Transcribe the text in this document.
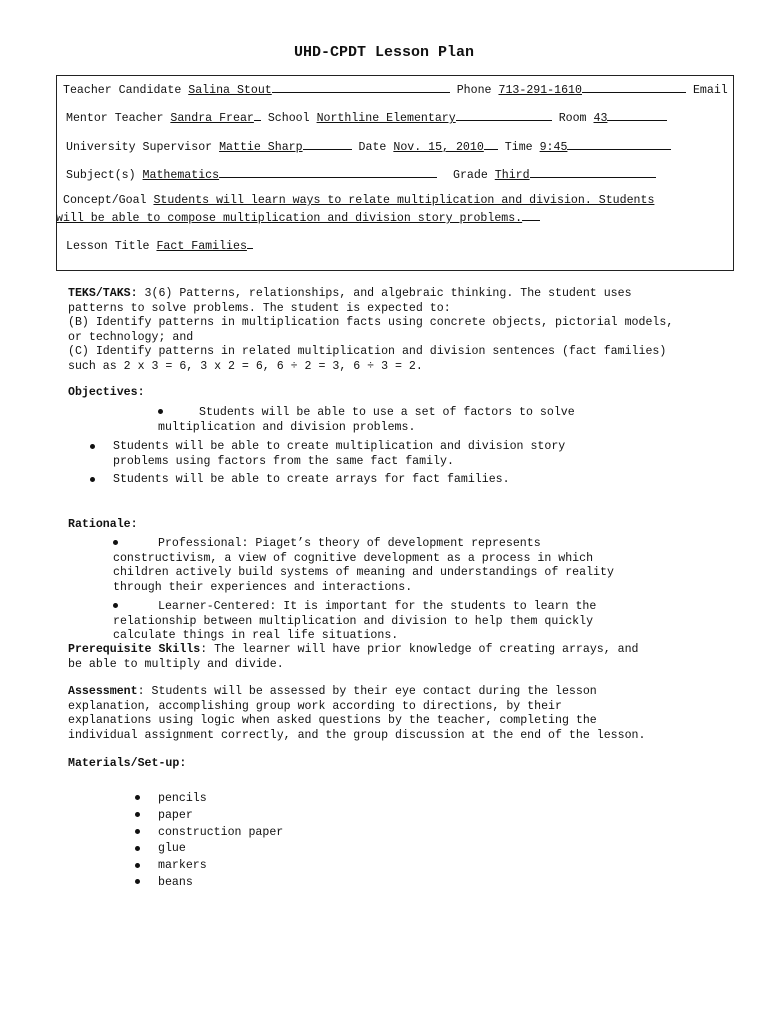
UHD-CPDT Lesson Plan
Teacher Candidate Salina Stout	Phone 713-291-1610	Email
Mentor Teacher Sandra Frear School Northline Elementary	Room 43
University Supervisor Mattie Sharp	Date Nov. 15, 2010 Time 9:45
Subject(s) Mathematics	Grade Third
Concept/Goal Students will learn ways to relate multiplication and division. Students
will be able to compose multiplication and division story problems.
Lesson Title Fact Families
TEKS/TAKS: 3(6) Patterns, relationships, and algebraic thinking. The student uses
patterns to solve problems. The student is expected to:
(B) Identify patterns in multiplication facts using concrete objects, pictorial models,
or technology; and
(C) Identify patterns in related multiplication and division sentences (fact families)
such as 2 x 3 = 6, 3 x 2 = 6, 6 ÷ 2 = 3, 6 ÷ 3 = 2.
Objectives:
Students will be able to use a set of factors to solve
multiplication and division problems.
Students will be able to create multiplication and division story
problems using factors from the same fact family.
Students will be able to create arrays for fact families.
Rationale:
Professional: Piaget’s theory of development represents
constructivism, a view of cognitive development as a process in which
children actively build systems of meaning and understandings of reality
through their experiences and interactions.
Learner-Centered: It is important for the students to learn the
relationship between multiplication and division to help them quickly
calculate things in real life situations.
Prerequisite Skills: The learner will have prior knowledge of creating arrays, and
be able to multiply and divide.
Assessment: Students will be assessed by their eye contact during the lesson
explanation, accomplishing group work according to directions, by their
explanations using logic when asked questions by the teacher, completing the
individual assignment correctly, and the group discussion at the end of the lesson.
Materials/Set-up:
pencils
paper
construction paper
glue
markers
beans
